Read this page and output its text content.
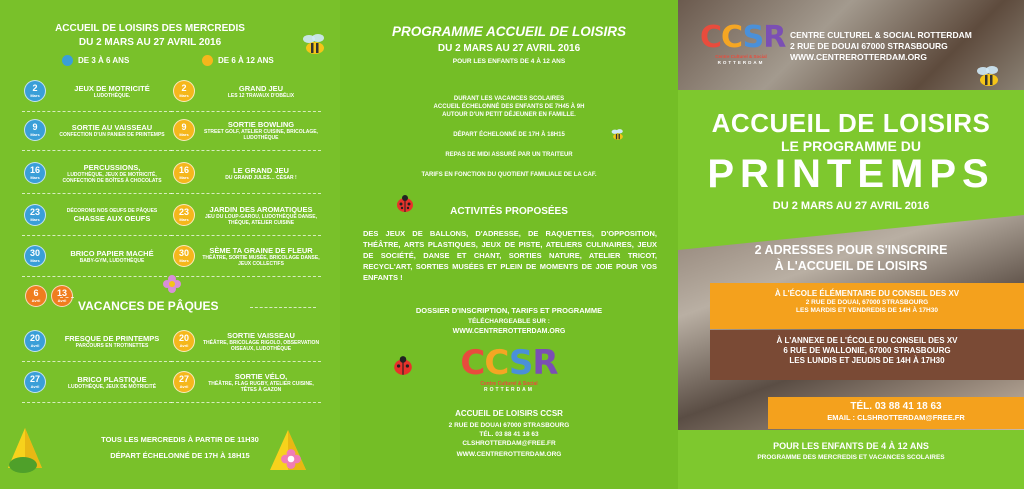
ACCUEIL DE LOISIRS DES MERCREDIS
DU 2 MARS AU 27 AVRIL 2016
DE 3 À 6 ANS	DE 6 À 12 ANS
2
Mars
JEUX DE MOTRICITÉ
LUDOTHÈQUE.
9
Mars
SORTIE AU VAISSEAU
CONFECTION D'UN PANIER DE PRINTEMPS
16
Mars
PERCUSSIONS,
LUDOTHÈQUE, JEUX DE MOTRICITÉ, CONFECTION DE BOÎTES À CHOCOLATS
23
Mars
DÉCORONS NOS OEUFS DE PÂQUES
CHASSE AUX OEUFS
30
Mars
BRICO PAPIER MACHÉ
BABY-GYM, LUDOTHÈQUE
2
Mars
GRAND JEU
LES 12 TRAVAUX D'OBÉLIX
9
Mars
SORTIE BOWLING
STREET GOLF, ATELIER CUISINE, BRICOLAGE, LUDOTHÈQUE
16
Mars
LE GRAND JEU
DU GRAND JULES… CÉSAR !
23
Mars
JARDIN DES AROMATIQUES
JEU DU LOUP-GAROU, LUDOTHÈQUE DANSE, THÉQUE, ATELIER CUISINE
30
Mars
SÈME TA GRAINE DE FLEUR
THÉÂTRE, SORTIE MUSÉE, BRICOLAGE DANSE, JEUX COLLECTIFS
6
Avril
13
Avril VACANCES DE PÂQUES
20
Avril
FRESQUE DE PRINTEMPS
PARCOURS EN TROTINETTES
27
Avril
BRICO PLASTIQUE
LUDOTHÈQUE, JEUX DE MOTRICITÉ
20
Avril
SORTIE VAISSEAU
THÉÂTRE, BRICOLAGE RIGOLO, OBSERVATION OISEAUX, LUDOTHÈQUE
27
Avril
SORTIE VÉLO,
THÉÂTRE, FLAG RUGBY, ATELIER CUISINE, TÊTES À GAZON
TOUS LES MERCREDIS À PARTIR DE 11H30
DÉPART ÉCHELONNÉ DE 17H À 18H15
PROGRAMME ACCUEIL DE LOISIRS
DU 2 MARS AU 27 AVRIL 2016
POUR LES ENFANTS DE 4 À 12 ANS
DURANT LES VACANCES SCOLAIRES
ACCUEIL ÉCHELONNÉ DES ENFANTS DE 7H45 À 9H
AUTOUR D'UN PETIT DÉJEUNER EN FAMILLE.
DÉPART ÉCHELONNÉ DE 17H À 18H15
REPAS DE MIDI ASSURÉ PAR UN TRAITEUR
TARIFS EN FONCTION DU QUOTIENT FAMILIALE DE LA CAF.
ACTIVITÉS PROPOSÉES
DES JEUX DE BALLONS, D'ADRESSE, DE RAQUETTES, D'OPPOSITION, THÉÂTRE, ARTS PLASTIQUES, JEUX DE PISTE, ATELIERS CULINAIRES, JEUX DE SOCIÉTÉ, DANSE ET CHANT, SORTIES NATURE, ATELIER TRICOT, RECYCL'ART, SORTIES MUSÉES ET PLEIN DE MOMENTS DE JOIE POUR VOS ENFANTS !
DOSSIER D'INSCRIPTION, TARIFS ET PROGRAMME
TÉLÉCHARGEABLE SUR :
WWW.CENTREROTTERDAM.ORG
CCSR
Centre Culturel & Social
ROTTERDAM
ACCUEIL DE LOISIRS CCSR
2 RUE DE DOUAI 67000 STRASBOURG
TÉL. 03 88 41 18 63
CLSHROTTERDAM@FREE.FR
WWW.CENTREROTTERDAM.ORG
CCSR
Centre Culturel & Social
ROTTERDAM
CENTRE CULTUREL & SOCIAL ROTTERDAM
2 RUE DE DOUAI 67000 STRASBOURG
WWW.CENTREROTTERDAM.ORG
ACCUEIL DE LOISIRS
LE PROGRAMME DU
PRINTEMPS
DU 2 MARS AU 27 AVRIL 2016
2 ADRESSES POUR S'INSCRIRE
À L'ACCUEIL DE LOISIRS
À L'ÉCOLE ÉLÉMENTAIRE DU CONSEIL DES XV
2 RUE DE DOUAI, 67000 STRASBOURG
LES MARDIS ET VENDREDIS DE 14H À 17H30
À L'ANNEXE DE L'ÉCOLE DU CONSEIL DES XV
6 RUE DE WALLONIE, 67000 STRASBOURG
LES LUNDIS ET JEUDIS DE 14H À 17H30
TÉL. 03 88 41 18 63
EMAIL : CLSHROTTERDAM@FREE.FR
POUR LES ENFANTS DE 4 À 12 ANS
PROGRAMME DES MERCREDIS ET VACANCES SCOLAIRES
